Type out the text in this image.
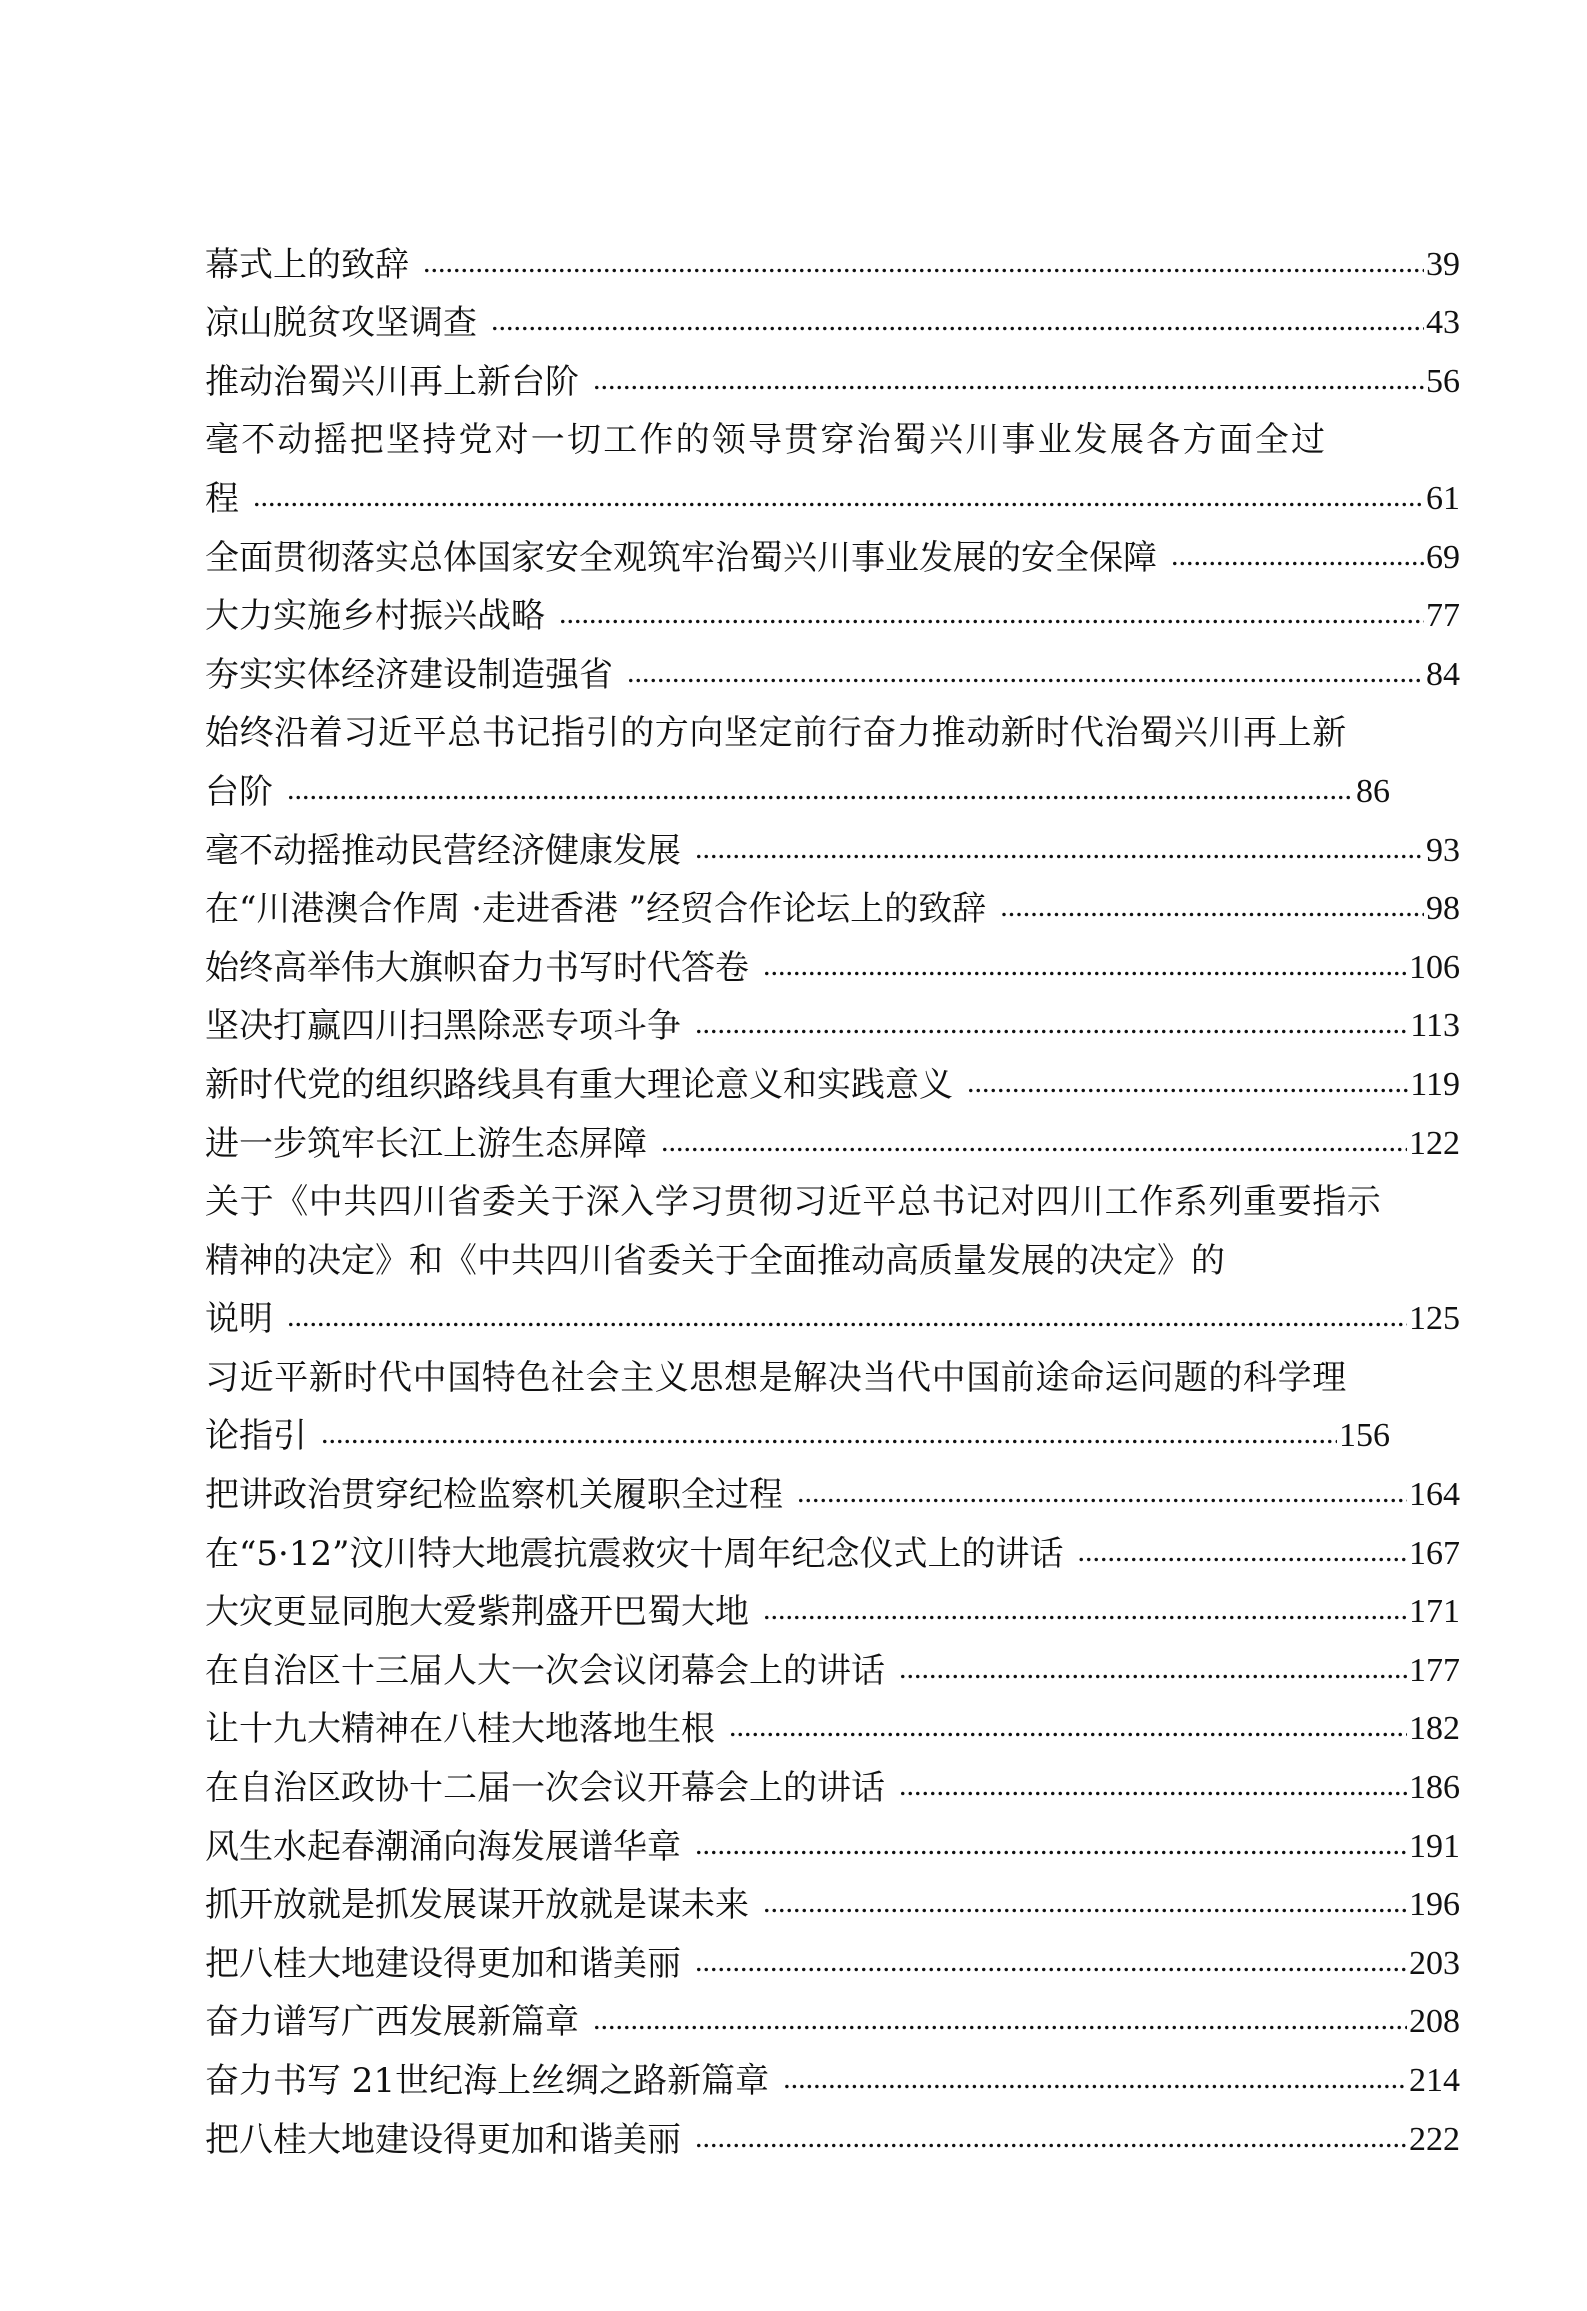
幕式上的致辞 .....	39
凉山脱贫攻坚调查 .....	43
推动治蜀兴川再上新台阶 .....	56
毫不动摇把坚持党对一切工作的领导贯穿治蜀兴川事业发展各方面全过
程 .....	61
全面贯彻落实总体国家安全观筑牢治蜀兴川事业发展的安全保障 .....	69
大力实施乡村振兴战略 .....	77
夯实实体经济建设制造强省 .....	84
始终沿着习近平总书记指引的方向坚定前行奋力推动新时代治蜀兴川再上新
台阶 .....	86
毫不动摇推动民营经济健康发展 .....	93
在“川港澳合作周 ·走进香港 ”经贸合作论坛上的致辞 .....	98
始终高举伟大旗帜奋力书写时代答卷 .....	106
坚决打赢四川扫黑除恶专项斗争 .....	113
新时代党的组织路线具有重大理论意义和实践意义 .....	119
进一步筑牢长江上游生态屏障 .....	122
关于《中共四川省委关于深入学习贯彻习近平总书记对四川工作系列重要指示
精神的决定》和《中共四川省委关于全面推动高质量发展的决定》的
说明 .....	125
习近平新时代中国特色社会主义思想是解决当代中国前途命运问题的科学理
论指引 .....	156
把讲政治贯穿纪检监察机关履职全过程 .....	164
在“5·12”汶川特大地震抗震救灾十周年纪念仪式上的讲话 .....	167
大灾更显同胞大爱紫荆盛开巴蜀大地 .....	171
在自治区十三届人大一次会议闭幕会上的讲话 .....	177
让十九大精神在八桂大地落地生根 .....	182
在自治区政协十二届一次会议开幕会上的讲话 .....	186
风生水起春潮涌向海发展谱华章 .....	191
抓开放就是抓发展谋开放就是谋未来 .....	196
把八桂大地建设得更加和谐美丽 .....	203
奋力谱写广西发展新篇章 .....	208
奋力书写 21世纪海上丝绸之路新篇章 .....	214
把八桂大地建设得更加和谐美丽 .....	222
